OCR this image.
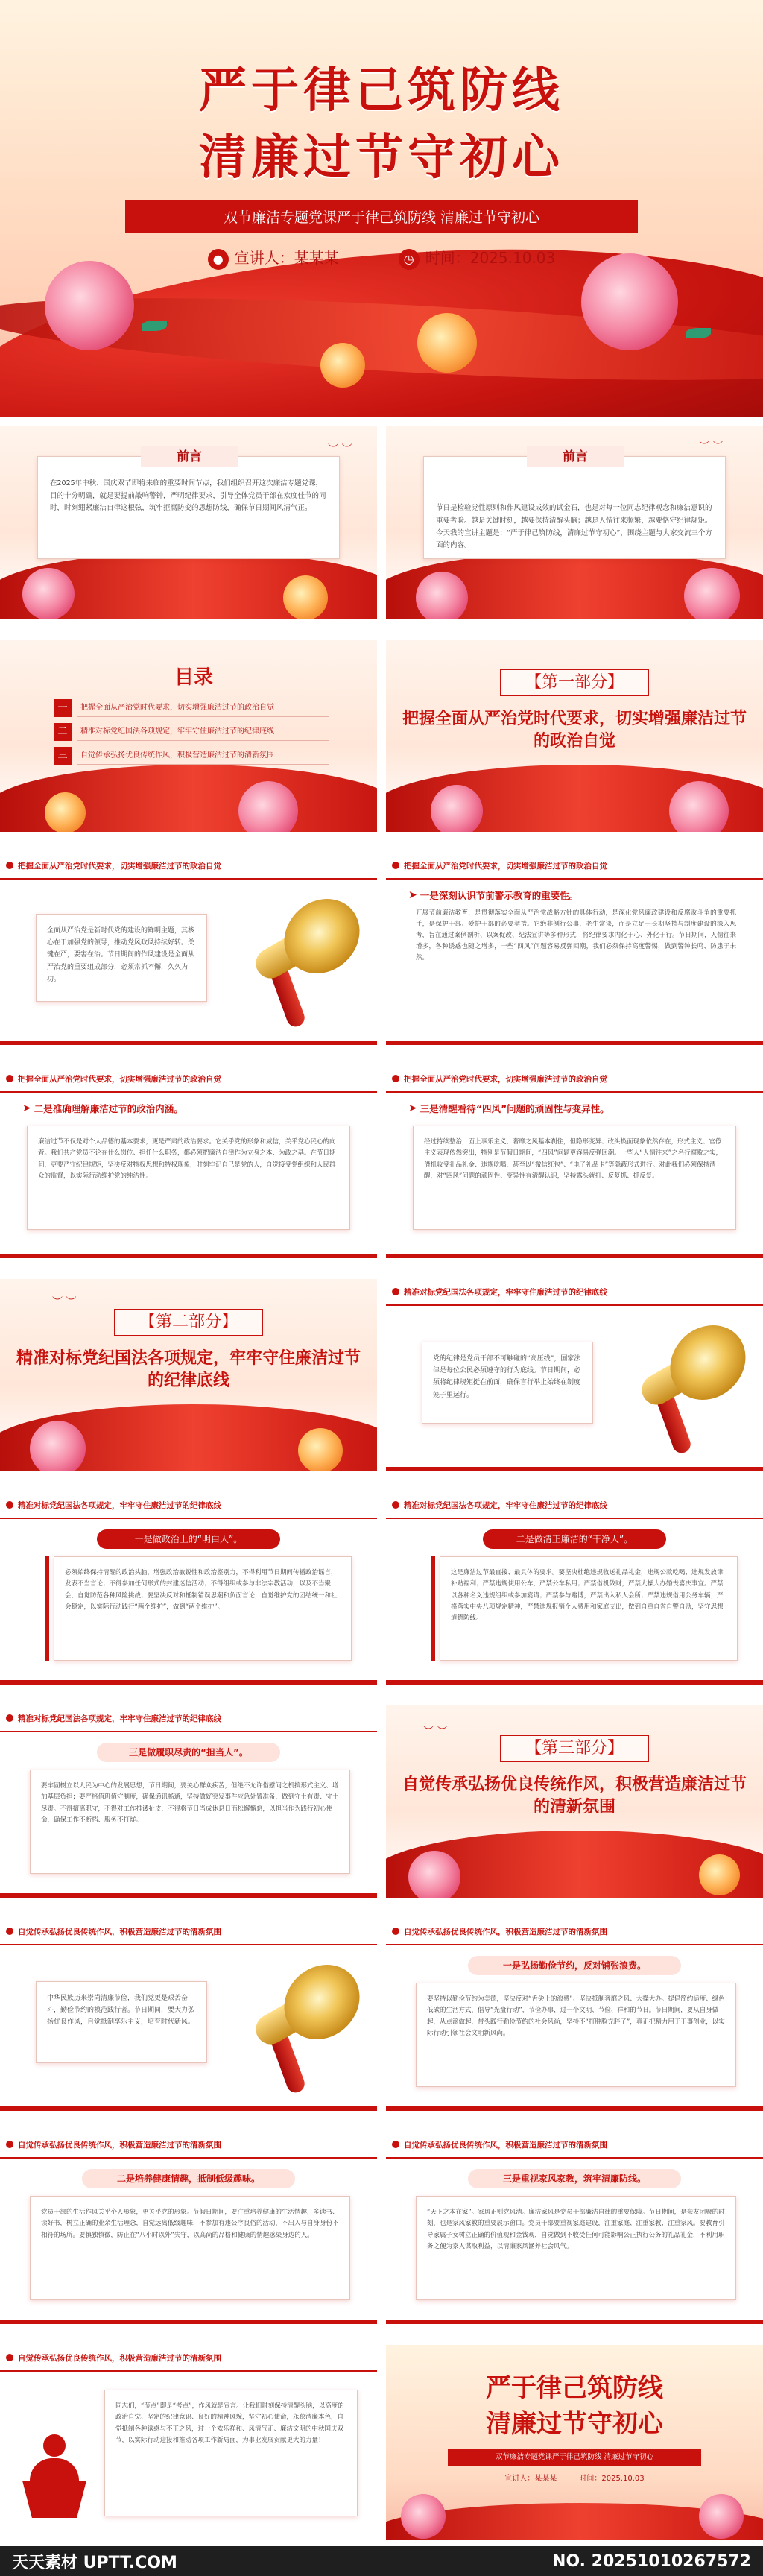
严于律己筑防线
清廉过节守初心
双节廉洁专题党课严于律己筑防线 清廉过节守初心	★★★
● 宣讲人：某某某	◷ 时间：2025.10.03
︶ ︶
前言
在2025年中秋、国庆双节即将来临的重要时间节点，我们组织召开这次廉洁专题党课，目的十分明确，就是要提前敲响警钟，严明纪律要求，引导全体党员干部在欢度佳节的同时，时刻绷紧廉洁自律这根弦，筑牢拒腐防变的思想防线，确保节日期间风清气正。
︶ ︶

前言

节日是检验党性原则和作风建设成效的试金石，也是对每一位同志纪律观念和廉洁意识的重要考验。越是关键时刻，越要保持清醒头脑；越是人情往来频繁，越要恪守纪律规矩。
今天我的宣讲主题是：“严于律己筑防线，清廉过节守初心”，围绕主题与大家交流三个方面的内容。

目录
一	把握全面从严治党时代要求，切实增强廉洁过节的政治自觉
二	精准对标党纪国法各项规定，牢牢守住廉洁过节的纪律底线
三	自觉传承弘扬优良传统作风，积极营造廉洁过节的清新氛围
【第一部分】
把握全面从严治党时代要求，切实增强廉洁过节的政治自觉
把握全面从严治党时代要求，切实增强廉洁过节的政治自觉
全面从严治党是新时代党的建设的鲜明主题，其核心在于加强党的领导，推动党风政风持续好转。关键在严，要害在治。节日期间的作风建设是全面从严治党的重要组成部分，必须常抓不懈，久久为功。
把握全面从严治党时代要求，切实增强廉洁过节的政治自觉
➤ 一是深刻认识节前警示教育的重要性。
开展节前廉洁教育，是贯彻落实全面从严治党战略方针的具体行动，是深化党风廉政建设和反腐败斗争的重要抓手，是保护干部、爱护干部的必要举措。它绝非例行公事，老生常谈，而是立足于长期坚持与制度建设的深入思考，旨在通过案例剖析、以案促改、纪法宣讲等多种形式，将纪律要求内化于心、外化于行。节日期间，人情往来增多，各种诱惑也随之增多，一些“四风”问题容易反弹回潮，我们必须保持高度警惕，做到警钟长鸣、防患于未然。
把握全面从严治党时代要求，切实增强廉洁过节的政治自觉
➤ 二是准确理解廉洁过节的政治内涵。
廉洁过节不仅是对个人品德的基本要求，更是严肃的政治要求。它关乎党的形象和威信，关乎党心民心的向背。我们共产党员不论在什么岗位、担任什么职务，都必须把廉洁自律作为立身之本、为政之基。在节日期间，更要严守纪律规矩，坚决反对特权思想和特权现象，时刻牢记自己是党的人，自觉接受党组织和人民群众的监督，以实际行动维护党的纯洁性。
把握全面从严治党时代要求，切实增强廉洁过节的政治自觉
➤ 三是清醒看待“四风”问题的顽固性与变异性。
经过持续整治，面上享乐主义、奢靡之风基本刹住，但隐形变异、改头换面现象依然存在，形式主义、官僚主义表现依然突出，特别是节假日期间，“四风”问题更容易反弹回潮。一些人“人情往来”之名行腐败之实，借机收受礼品礼金、违规吃喝，甚至以“微信红包”、“电子礼品卡”等隐蔽形式进行。对此我们必须保持清醒，对“四风”问题的顽固性、变异性有清醒认识，坚持露头就打、反复抓、抓反复。
︶ ︶
【第二部分】
精准对标党纪国法各项规定，牢牢守住廉洁过节的纪律底线
精准对标党纪国法各项规定，牢牢守住廉洁过节的纪律底线
党的纪律是党员干部不可触碰的“高压线”，国家法律是每位公民必须遵守的行为底线。节日期间，必须将纪律规矩挺在前面，确保言行举止始终在制度笼子里运行。
精准对标党纪国法各项规定，牢牢守住廉洁过节的纪律底线
一是做政治上的“明白人”。
必须始终保持清醒的政治头脑，增强政治敏锐性和政治鉴别力，不得利用节日期间传播政治谣言，发表不当言论；不得参加任何形式的封建迷信活动；不得组织或参与非法宗教活动，以及不当聚会，自觉防范各种风险挑战；要坚决反对和抵制错误思潮和负面言论，自觉维护党的团结统一和社会稳定，以实际行动践行“两个维护”，做到“两个维护”。
精准对标党纪国法各项规定，牢牢守住廉洁过节的纪律底线
二是做清正廉洁的“干净人”。
这是廉洁过节最直接、最具体的要求。要坚决杜绝违规收送礼品礼金，违规公款吃喝、违规发放津补贴福利；严禁违规使用公车，严禁公车私用；严禁借机敛财，严禁大操大办婚丧喜庆事宜。严禁以各种名义违规组织或参加宴请；严禁参与赌博，严禁出入私人会所；严禁违规借用公务车辆；严格落实中央八项规定精神，严禁违规报销个人费用和家庭支出，做到自重自省自警自励，坚守思想道德防线。
精准对标党纪国法各项规定，牢牢守住廉洁过节的纪律底线
三是做履职尽责的“担当人”。
要牢固树立以人民为中心的发展思想，节日期间，要关心群众疾苦，但绝不允许借慰问之机搞形式主义、增加基层负担；要严格值班值守制度，确保通讯畅通，坚持做好突发事件应急处置准备，做到守土有责、守土尽责。不得擅离职守，不得对工作推诿扯皮，不得将节日当成休息日而松懈懈怠，以担当作为践行初心使命，确保工作不断档、服务不打烊。
︶ ︶
【第三部分】
自觉传承弘扬优良传统作风，积极营造廉洁过节的清新氛围
自觉传承弘扬优良传统作风，积极营造廉洁过节的清新氛围
中华民族历来崇尚清廉节俭，我们党更是艰苦奋斗，勤俭节约的模范践行者。节日期间，要大力弘扬优良作风，自觉抵制享乐主义，培育时代新风。
自觉传承弘扬优良传统作风，积极营造廉洁过节的清新氛围
一是弘扬勤俭节约，反对铺张浪费。
要坚持以勤俭节约为美德，坚决反对“舌尖上的浪费”、坚决抵制奢靡之风、大操大办。提倡简约适度、绿色低碳的生活方式，倡导“光盘行动”，节俭办事，过一个文明、节俭、祥和的节日。节日期间，要从自身做起，从点滴做起，带头践行勤俭节约的社会风尚，坚持不“打肿脸充胖子”，真正把精力用于干事创业，以实际行动引领社会文明新风尚。
自觉传承弘扬优良传统作风，积极营造廉洁过节的清新氛围
二是培养健康情趣，抵制低级趣味。
党员干部的生活作风关乎个人形象，更关乎党的形象。节假日期间，要注重培养健康的生活情趣，多读书、读好书，树立正确的业余生活理念，自觉远离低级趣味，不参加有违公序良俗的活动，不出入与自身身份不相符的场所。要慎独慎微，防止在“八小时以外”失守，以高尚的品格和健康的情趣感染身边的人。
自觉传承弘扬优良传统作风，积极营造廉洁过节的清新氛围
三是重视家风家教，筑牢清廉防线。
“天下之本在家”。家风正则党风清。廉洁家风是党员干部廉洁自律的重要保障。节日期间，是亲友团聚的时刻，也是家风家教的重要展示窗口。党员干部要重视家庭建设，注重家庭、注重家教、注重家风。要教育引导家属子女树立正确的价值观和金钱观，自觉做到不收受任何可能影响公正执行公务的礼品礼金，不利用职务之便为家人谋取利益，以清廉家风涵养社会风气。
自觉传承弘扬优良传统作风，积极营造廉洁过节的清新氛围
同志们，“节点”即是“考点”，作风就是宣言。让我们时刻保持清醒头脑，以高度的政治自觉、坚定的纪律意识、良好的精神风貌，坚守初心使命，永葆清廉本色，自觉抵制各种诱惑与不正之风，过一个欢乐祥和、风清气正、廉洁文明的中秋国庆双节，以实际行动迎接和推动各项工作新局面，为事业发展贡献更大的力量！
严于律己筑防线
清廉过节守初心
双节廉洁专题党课严于律己筑防线 清廉过节守初心
宣讲人：某某某	时间：2025.10.03
天天素材 UPTT.COM	NO. 20251010267572
